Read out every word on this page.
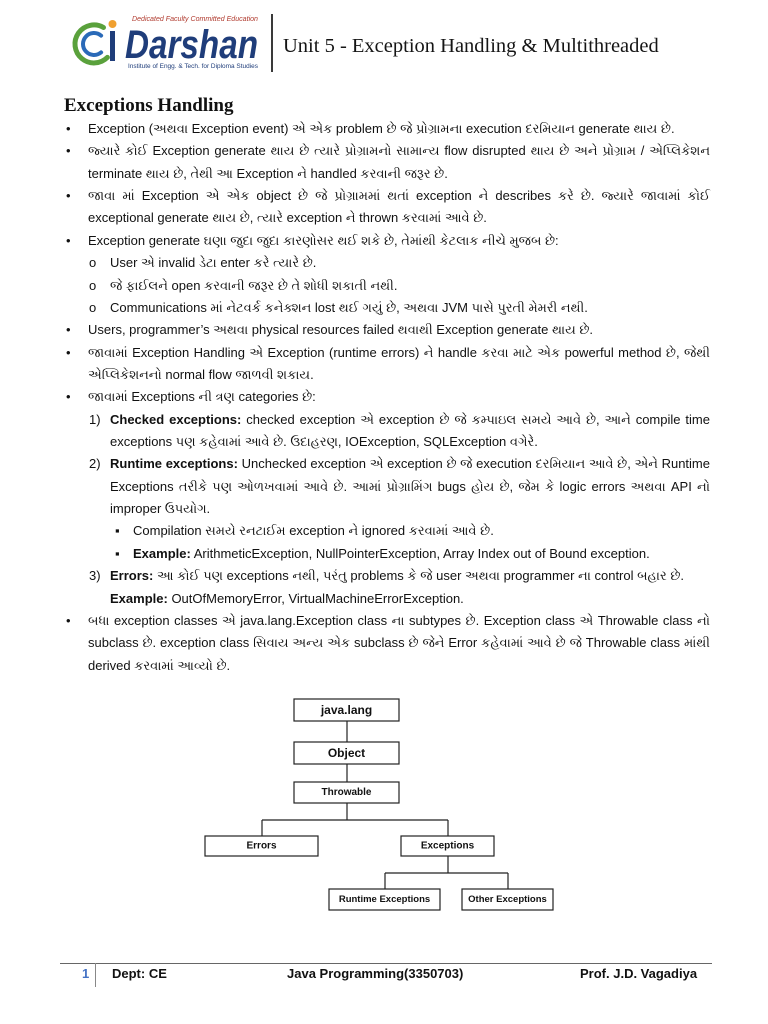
Dedicated Faculty Committed Education
Darshan
Institute of Engg. & Tech. for Diploma Studies
Unit 5 - Exception Handling & Multithreaded
Exceptions Handling

• Exception (અથવા Exception event) એ એક problem છે જે પ્રોગ્રામના execution દરમિયાન generate થાય છે.

• જ્યારે કોઈ Exception generate થાય છે ત્યારે પ્રોગ્રામનો સામાન્ય flow disrupted થાય છે અને પ્રોગ્રામ / એપ્લિકેશન terminate થાય છે, તેથી આ Exception ને handled કરવાની જરૂર છે.

• જાવા માં Exception એ એક object છે જે પ્રોગ્રામમાં થતાં exception ને describes કરે છે. જ્યારે જાવામાં કોઈ exceptional generate થાય છે, ત્યારે exception ને thrown કરવામાં આવે છે.

• Exception generate ઘણા જુદા જુદા કારણોસર થઈ શકે છે, તેમાંથી કેટલાક નીચે મુજબ છે:

o User એ invalid ડેટા enter કરે ત્યારે છે.

o જે ફાઈલને open કરવાની જરૂર છે તે શોધી શકાતી નથી.

o Communications માં નેટવર્ક કનેક્શન lost થઈ ગયું છે, અથવા JVM પાસે પુરતી મેમરી નથી.

• Users, programmer’s અથવા physical resources failed થવાથી Exception generate થાય છે.

• જાવામાં Exception Handling એ Exception (runtime errors) ને handle કરવા માટે એક powerful method છે, જેથી એપ્લિકેશનનો normal flow જાળવી શકાય.

• જાવામાં Exceptions ની ત્રણ categories છે:

1) Checked exceptions: checked exception એ exception છે જે કમ્પાઇલ સમયે આવે છે, આને compile time exceptions પણ કહેવામાં આવે છે. ઉદાહરણ, IOException, SQLException વગેરે.

2) Runtime exceptions: Unchecked exception એ exception છે જે execution દરમિયાન આવે છે, એને Runtime Exceptions તરીકે પણ ઓળખવામાં આવે છે. આમાં પ્રોગ્રામિંગ bugs હોય છે, જેમ કે logic errors અથવા API નો improper ઉપયોગ.

▪ Compilation સમયે રનટાઈમ exception ને ignored કરવામાં આવે છે.

▪ Example: ArithmeticException, NullPointerException, Array Index out of Bound exception.

3) Errors: આ કોઈ પણ exceptions નથી, પરંતુ problems કે જે user અથવા programmer ના control બહાર છે.

Example: OutOfMemoryError, VirtualMachineErrorException.

• બધા exception classes એ java.lang.Exception class ના subtypes છે. Exception class એ Throwable class નો subclass છે. exception class સિવાય અન્ય એક subclass છે જેને Error કહેવામાં આવે છે જે Throwable class માંથી derived કરવામાં આવ્યો છે.

java.lang
Object
Throwable
Errors	Exceptions
Runtime Exceptions	Other Exceptions
1 Dept: CE	Java Programming(3350703)	Prof. J.D. Vagadiya
